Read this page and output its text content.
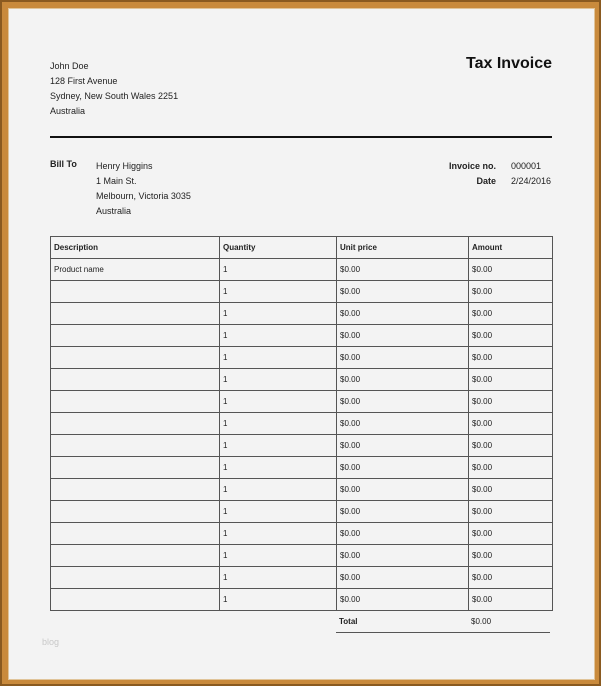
John Doe
128 First Avenue
Sydney, New South Wales 2251
Australia
Tax Invoice
Bill To Henry Higgins
1 Main St.
Melbourn, Victoria 3035
Australia
Invoice no. 000001
Date 2/24/2016
Description	Quantity	Unit price	Amount
Product name	1	$0.00	$0.00
	1	$0.00	$0.00
	1	$0.00	$0.00
	1	$0.00	$0.00
	1	$0.00	$0.00
	1	$0.00	$0.00
	1	$0.00	$0.00
	1	$0.00	$0.00
	1	$0.00	$0.00
	1	$0.00	$0.00
	1	$0.00	$0.00
	1	$0.00	$0.00
	1	$0.00	$0.00
	1	$0.00	$0.00
	1	$0.00	$0.00
	1	$0.00	$0.00
Total	$0.00
blog
